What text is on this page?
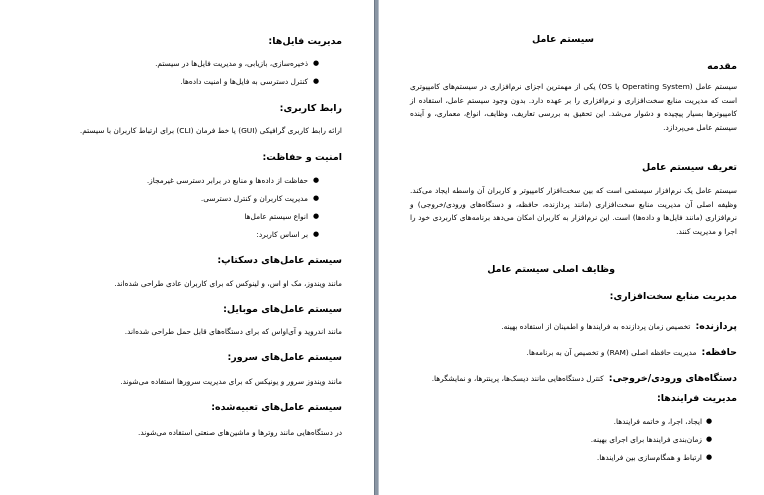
مدیریت فایل‌ها:
ذخیره‌سازی، بازیابی، و مدیریت فایل‌ها در سیستم. ●
کنترل دسترسی به فایل‌ها و امنیت داده‌ها. ●
رابط کاربری:
ارائه رابط کاربری گرافیکی (GUI) یا خط فرمان (CLI) برای ارتباط کاربران با سیستم.
امنیت و حفاظت:
حفاظت از داده‌ها و منابع در برابر دسترسی غیرمجاز. ●
مدیریت کاربران و کنترل دسترسی. ●
انواع سیستم عامل‌ها ●
بر اساس کاربرد: ●
سیستم عامل‌های دسکتاپ:
مانند ویندوز، مک او اس، و لینوکس که برای کاربران عادی طراحی شده‌اند.
سیستم عامل‌های موبایل:
مانند اندروید و آی‌او‌اس که برای دستگاه‌های قابل حمل طراحی شده‌اند.
سیستم عامل‌های سرور:
مانند ویندوز سرور و یونیکس که برای مدیریت سرورها استفاده می‌شوند.
سیستم عامل‌های تعبیه‌شده:
در دستگاه‌هایی مانند روترها و ماشین‌های صنعتی استفاده می‌شوند.
سیستم عامل
مقدمه
سیستم عامل (Operating System یا OS) یکی از مهمترین اجزای نرم‌افزاری در سیستم‌های کامپیوتری است که مدیریت منابع سخت‌افزاری و نرم‌افزاری را بر عهده دارد. بدون وجود سیستم عامل، استفاده از کامپیوترها بسیار پیچیده و دشوار می‌شد. این تحقیق به بررسی تعاریف، وظایف، انواع، معماری، و آینده سیستم عامل می‌پردازد.
تعریف سیستم عامل
سیستم عامل یک نرم‌افزار سیستمی است که بین سخت‌افزار کامپیوتر و کاربران آن واسطه ایجاد می‌کند. وظیفه اصلی آن مدیریت منابع سخت‌افزاری (مانند پردازنده، حافظه، و دستگاه‌های ورودی/خروجی) و نرم‌افزاری (مانند فایل‌ها و داده‌ها) است. این نرم‌افزار به کاربران امکان می‌دهد برنامه‌های کاربردی خود را اجرا و مدیریت کنند.
وظایف اصلی سیستم عامل
مدیریت منابع سخت‌افزاری:
پردازنده: تخصیص زمان پردازنده به فرایندها و اطمینان از استفاده بهینه.
حافظه: مدیریت حافظه اصلی (RAM) و تخصیص آن به برنامه‌ها.
دستگاه‌های ورودی/خروجی: کنترل دستگاه‌هایی مانند دیسک‌ها، پرینترها، و نمایشگرها.
مدیریت فرایندها:
ایجاد، اجرا، و خاتمه فرایندها. ●
زمان‌بندی فرایندها برای اجرای بهینه. ●
ارتباط و همگام‌سازی بین فرایندها. ●
